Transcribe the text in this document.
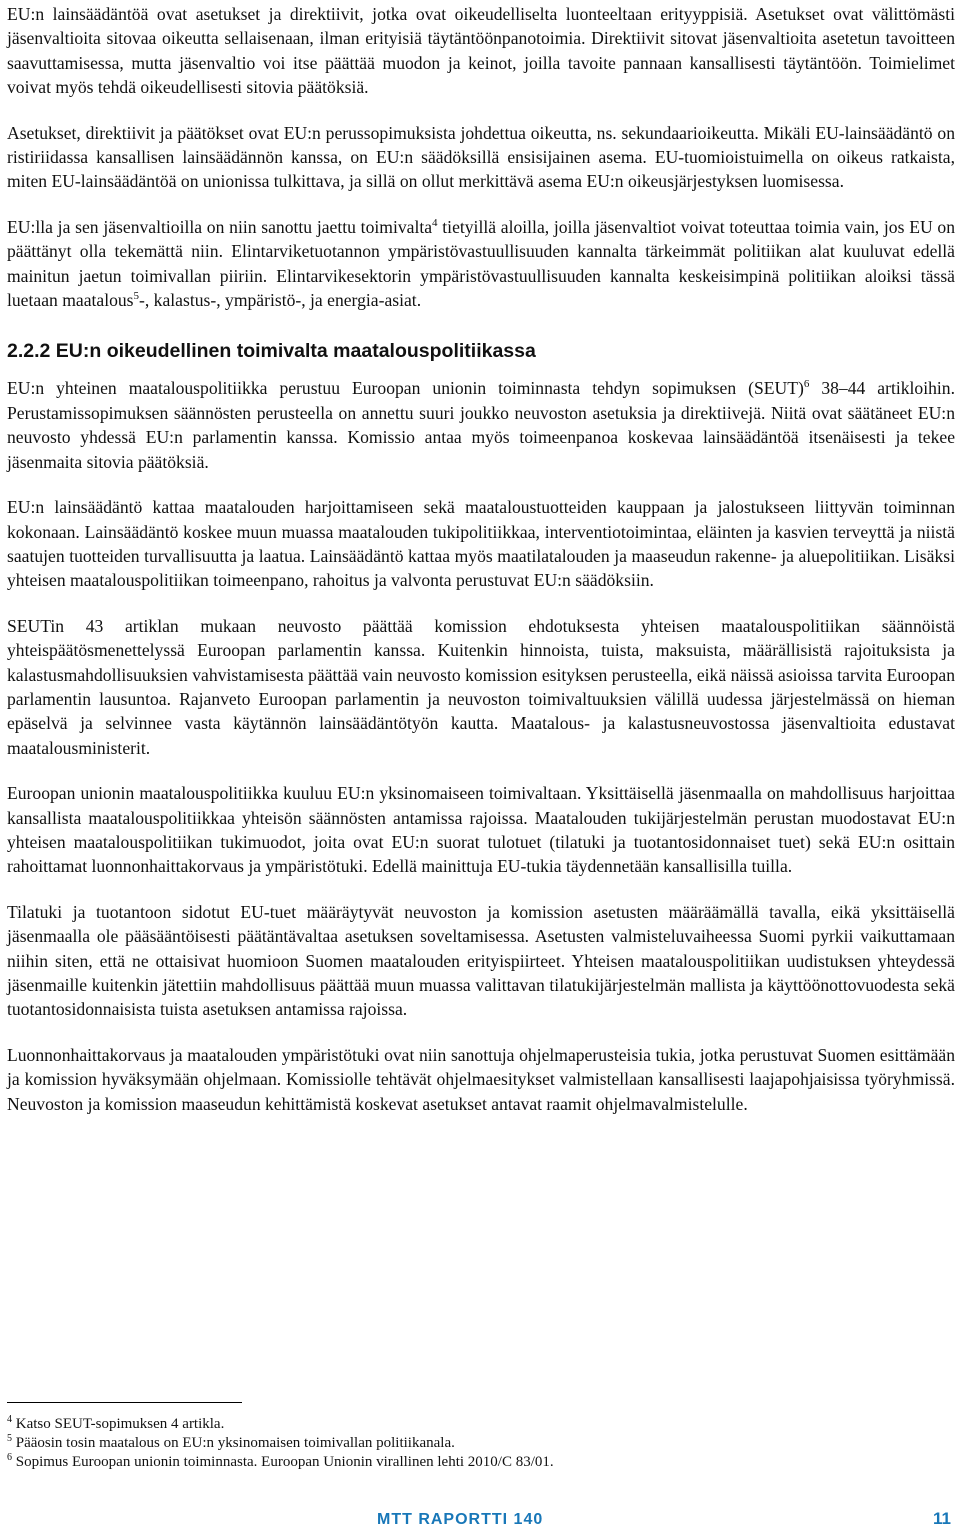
EU:n lainsäädäntöä ovat asetukset ja direktiivit, jotka ovat oikeudelliselta luonteeltaan erityyppisiä. Asetukset ovat välittömästi jäsenvaltioita sitovaa oikeutta sellaisenaan, ilman erityisiä täytäntöönpanotoimia. Direktiivit sitovat jäsenvaltioita asetetun tavoitteen saavuttamisessa, mutta jäsenvaltio voi itse päättää muodon ja keinot, joilla tavoite pannaan kansallisesti täytäntöön. Toimielimet voivat myös tehdä oikeudellisesti sitovia päätöksiä.

Asetukset, direktiivit ja päätökset ovat EU:n perussopimuksista johdettua oikeutta, ns. sekundaarioikeutta. Mikäli EU-lainsäädäntö on ristiriidassa kansallisen lainsäädännön kanssa, on EU:n säädöksillä ensisijainen asema. EU-tuomioistuimella on oikeus ratkaista, miten EU-lainsäädäntöä on unionissa tulkittava, ja sillä on ollut merkittävä asema EU:n oikeusjärjestyksen luomisessa.

EU:lla ja sen jäsenvaltioilla on niin sanottu jaettu toimivalta$^4$ tietyillä aloilla, joilla jäsenvaltiot voivat toteuttaa toimia vain, jos EU on päättänyt olla tekemättä niin. Elintarviketuotannon ympäristövastuullisuuden kannalta tärkeimmät politiikan alat kuuluvat edellä mainitun jaetun toimivallan piiriin. Elintarvikesektorin ympäristövastuullisuuden kannalta keskeisimpinä politiikan aloiksi tässä luetaan maatalous$^5$-, kalastus-, ympäristö-, ja energia-asiat.

2.2.2 EU:n oikeudellinen toimivalta maatalouspolitiikassa

EU:n yhteinen maatalouspolitiikka perustuu Euroopan unionin toiminnasta tehdyn sopimuksen (SEUT)$^6$ 38–44 artikloihin. Perustamissopimuksen säännösten perusteella on annettu suuri joukko neuvoston asetuksia ja direktiivejä. Niitä ovat säätäneet EU:n neuvosto yhdessä EU:n parlamentin kanssa. Komissio antaa myös toimeenpanoa koskevaa lainsäädäntöä itsenäisesti ja tekee jäsenmaita sitovia päätöksiä.

EU:n lainsäädäntö kattaa maatalouden harjoittamiseen sekä maataloustuotteiden kauppaan ja jalostukseen liittyvän toiminnan kokonaan. Lainsäädäntö koskee muun muassa maatalouden tukipolitiikkaa, interventiotoimintaa, eläinten ja kasvien terveyttä ja niistä saatujen tuotteiden turvallisuutta ja laatua. Lainsäädäntö kattaa myös maatilatalouden ja maaseudun rakenne- ja aluepolitiikan. Lisäksi yhteisen maatalouspolitiikan toimeenpano, rahoitus ja valvonta perustuvat EU:n säädöksiin.

SEUTin 43 artiklan mukaan neuvosto päättää komission ehdotuksesta yhteisen maatalouspolitiikan säännöistä yhteispäätösmenettelyssä Euroopan parlamentin kanssa. Kuitenkin hinnoista, tuista, maksuista, määrällisistä rajoituksista ja kalastusmahdollisuuksien vahvistamisesta päättää vain neuvosto komission esityksen perusteella, eikä näissä asioissa tarvita Euroopan parlamentin lausuntoa. Rajanveto Euroopan parlamentin ja neuvoston toimivaltuuksien välillä uudessa järjestelmässä on hieman epäselvä ja selvinnee vasta käytännön lainsäädäntötyön kautta. Maatalous- ja kalastusneuvostossa jäsenvaltioita edustavat maatalousministerit.

Euroopan unionin maatalouspolitiikka kuuluu EU:n yksinomaiseen toimivaltaan. Yksittäisellä jäsenmaalla on mahdollisuus harjoittaa kansallista maatalouspolitiikkaa yhteisön säännösten antamissa rajoissa. Maatalouden tukijärjestelmän perustan muodostavat EU:n yhteisen maatalouspolitiikan tukimuodot, joita ovat EU:n suorat tulotuet (tilatuki ja tuotantosidonnaiset tuet) sekä EU:n osittain rahoittamat luonnonhaittakorvaus ja ympäristötuki. Edellä mainittuja EU-tukia täydennetään kansallisilla tuilla.

Tilatuki ja tuotantoon sidotut EU-tuet määräytyvät neuvoston ja komission asetusten määräämällä tavalla, eikä yksittäisellä jäsenmaalla ole pääsääntöisesti päätäntävaltaa asetuksen soveltamisessa. Asetusten valmisteluvaiheessa Suomi pyrkii vaikuttamaan niihin siten, että ne ottaisivat huomioon Suomen maatalouden erityispiirteet. Yhteisen maatalouspolitiikan uudistuksen yhteydessä jäsenmaille kuitenkin jätettiin mahdollisuus päättää muun muassa valittavan tilatukijärjestelmän mallista ja käyttöönottovuodesta sekä tuotantosidonnaisista tuista asetuksen antamissa rajoissa.

Luonnonhaittakorvaus ja maatalouden ympäristötuki ovat niin sanottuja ohjelmaperusteisia tukia, jotka perustuvat Suomen esittämään ja komission hyväksymään ohjelmaan. Komissiolle tehtävät ohjelmaesitykset valmistellaan kansallisesti laajapohjaisissa työryhmissä. Neuvoston ja komission maaseudun kehittämistä koskevat asetukset antavat raamit ohjelmavalmistelulle.

$^4$ Katso SEUT-sopimuksen 4 artikla.
$^5$ Pääosin tosin maatalous on EU:n yksinomaisen toimivallan politiikanala.
$^6$ Sopimus Euroopan unionin toiminnasta. Euroopan Unionin virallinen lehti 2010/C 83/01.
MTT RAPORTTI 140	11
